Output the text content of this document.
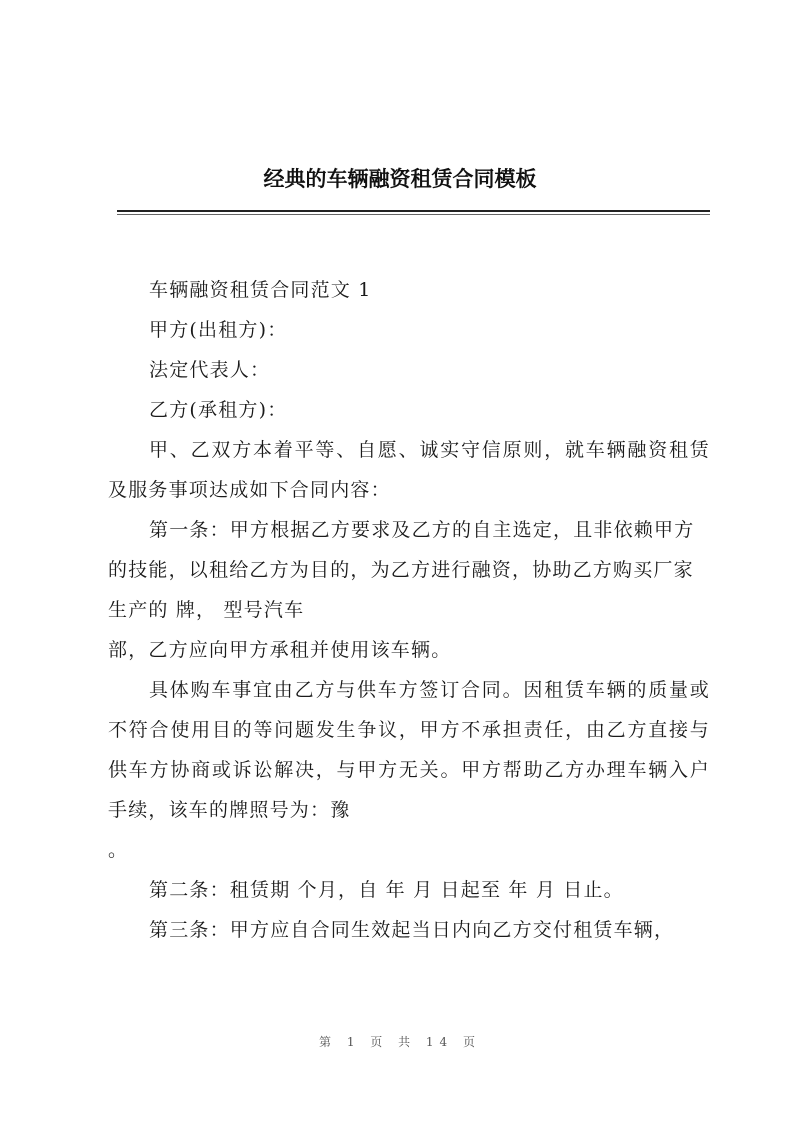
经典的车辆融资租赁合同模板

车辆融资租赁合同范文 1

甲方(出租方)：

法定代表人：

乙方(承租方)：

甲、乙双方本着平等、自愿、诚实守信原则，就车辆融资租赁及服务事项达成如下合同内容：

第一条：甲方根据乙方要求及乙方的自主选定，且非依赖甲方的技能，以租给乙方为目的，为乙方进行融资，协助乙方购买厂家生产的 牌， 型号汽车

部，乙方应向甲方承租并使用该车辆。

具体购车事宜由乙方与供车方签订合同。因租赁车辆的质量或不符合使用目的等问题发生争议，甲方不承担责任，由乙方直接与供车方协商或诉讼解决，与甲方无关。甲方帮助乙方办理车辆入户手续，该车的牌照号为：豫

。

第二条：租赁期 个月，自 年 月 日起至 年 月 日止。

第三条：甲方应自合同生效起当日内向乙方交付租赁车辆，

第 1 页 共 14 页
